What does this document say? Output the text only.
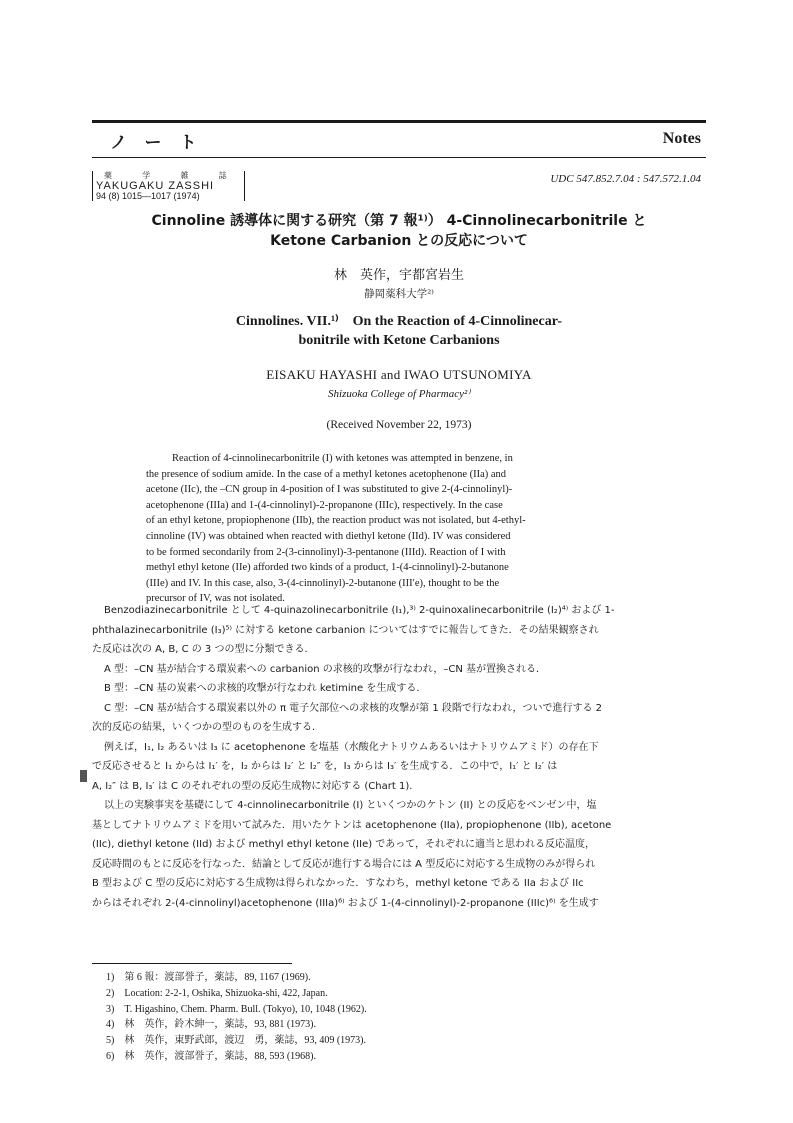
ノート	Notes
薬 学 雑 誌
YAKUGAKU ZASSHI
94 (8) 1015—1017 (1974)
UDC 547.852.7.04 : 547.572.1.04
Cinnoline 誘導体に関する研究（第 7 報¹⁾） 4-Cinnolinecarbonitrile と
Ketone Carbanion との反応について
林　英作，宇都宮岩生
静岡薬科大学²⁾
Cinnolines. VII.¹⁾　On the Reaction of 4-Cinnolinecar-
bonitrile with Ketone Carbanions
EISAKU HAYASHI and IWAO UTSUNOMIYA
Shizuoka College of Pharmacy²⁾
(Received November 22, 1973)
Reaction of 4-cinnolinecarbonitrile (I) with ketones was attempted in benzene, in
the presence of sodium amide. In the case of a methyl ketones acetophenone (IIa) and
acetone (IIc), the –CN group in 4-position of I was substituted to give 2-(4-cinnolinyl)-
acetophenone (IIIa) and 1-(4-cinnolinyl)-2-propanone (IIIc), respectively. In the case
of an ethyl ketone, propiophenone (IIb), the reaction product was not isolated, but 4-ethyl-
cinnoline (IV) was obtained when reacted with diethyl ketone (IId). IV was considered
to be formed secondarily from 2-(3-cinnolinyl)-3-pentanone (IIId). Reaction of I with
methyl ethyl ketone (IIe) afforded two kinds of a product, 1-(4-cinnolinyl)-2-butanone
(IIIe) and IV. In this case, also, 3-(4-cinnolinyl)-2-butanone (III′e), thought to be the
precursor of IV, was not isolated.
Benzodiazinecarbonitrile として 4-quinazolinecarbonitrile (I₁),³⁾ 2-quinoxalinecarbonitrile (I₂)⁴⁾ および 1-
phthalazinecarbonitrile (I₃)⁵⁾ に対する ketone carbanion についてはすでに報告してきた．その結果観察され
た反応は次の A, B, C の 3 つの型に分類できる．
A 型：–CN 基が結合する環炭素への carbanion の求核的攻撃が行なわれ，–CN 基が置換される．
B 型：–CN 基の炭素への求核的攻撃が行なわれ ketimine を生成する．
C 型：–CN 基が結合する環炭素以外の π 電子欠部位への求核的攻撃が第 1 段階で行なわれ，ついで進行する 2
次的反応の結果，いくつかの型のものを生成する．
例えば，I₁, I₂ あるいは I₃ に acetophenone を塩基（水酸化ナトリウムあるいはナトリウムアミド）の存在下
で反応させると I₁ からは I₁′ を，I₂ からは I₂′ と I₂″ を，I₃ からは I₃′ を生成する．この中で，I₁′ と I₂′ は
A, I₂″ は B, I₃′ は C のそれぞれの型の反応生成物に対応する (Chart 1).
以上の実験事実を基礎にして 4-cinnolinecarbonitrile (I) といくつかのケトン (II) との反応をベンゼン中，塩
基としてナトリウムアミドを用いて試みた．用いたケトンは acetophenone (IIa), propiophenone (IIb), acetone
(IIc), diethyl ketone (IId) および methyl ethyl ketone (IIe) であって，それぞれに適当と思われる反応温度，
反応時間のもとに反応を行なった．結論として反応が進行する場合には A 型反応に対応する生成物のみが得られ
B 型および C 型の反応に対応する生成物は得られなかった．すなわち，methyl ketone である IIa および IIc
からはそれぞれ 2-(4-cinnolinyl)acetophenone (IIIa)⁶⁾ および 1-(4-cinnolinyl)-2-propanone (IIIc)⁶⁾ を生成す
1)　第 6 報：渡部誉子，薬誌，89, 1167 (1969).
2)　Location: 2-2-1, Oshika, Shizuoka-shi, 422, Japan.
3)　T. Higashino, Chem. Pharm. Bull. (Tokyo), 10, 1048 (1962).
4)　林　英作，鈴木紳一，薬誌，93, 881 (1973).
5)　林　英作，東野武郎，渡辺　勇，薬誌，93, 409 (1973).
6)　林　英作，渡部誉子，薬誌，88, 593 (1968).
